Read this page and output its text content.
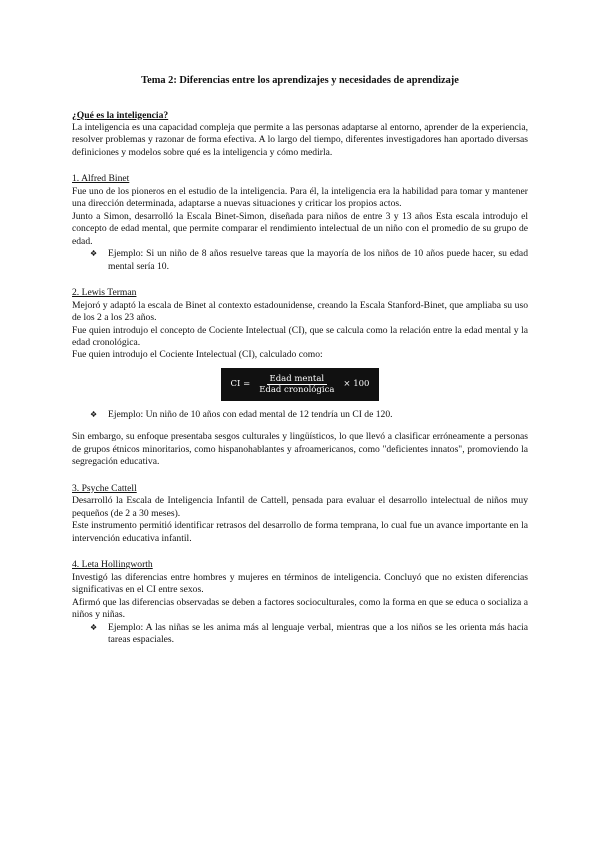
Tema 2: Diferencias entre los aprendizajes y necesidades de aprendizaje

¿Qué es la inteligencia?

La inteligencia es una capacidad compleja que permite a las personas adaptarse al entorno, aprender de la experiencia, resolver problemas y razonar de forma efectiva. A lo largo del tiempo, diferentes investigadores han aportado diversas definiciones y modelos sobre qué es la inteligencia y cómo medirla.

1. Alfred Binet

Fue uno de los pioneros en el estudio de la inteligencia. Para él, la inteligencia era la habilidad para tomar y mantener una dirección determinada, adaptarse a nuevas situaciones y criticar los propios actos.

Junto a Simon, desarrolló la Escala Binet-Simon, diseñada para niños de entre 3 y 13 años Esta escala introdujo el concepto de edad mental, que permite comparar el rendimiento intelectual de un niño con el promedio de su grupo de edad.

❖	Ejemplo: Si un niño de 8 años resuelve tareas que la mayoría de los niños de 10 años puede hacer, su edad mental sería 10.

2. Lewis Terman

Mejoró y adaptó la escala de Binet al contexto estadounidense, creando la Escala Stanford-Binet, que ampliaba su uso de los 2 a los 23 años.

Fue quien introdujo el concepto de Cociente Intelectual (CI), que se calcula como la relación entre la edad mental y la edad cronológica.

Fue quien introdujo el Cociente Intelectual (CI), calculado como:

CI = $\frac{\text{Edad mental}}{\text{Edad cronológica}} \times 100$
❖	Ejemplo: Un niño de 10 años con edad mental de 12 tendría un CI de 120.

Sin embargo, su enfoque presentaba sesgos culturales y lingüísticos, lo que llevó a clasificar erróneamente a personas de grupos étnicos minoritarios, como hispanohablantes y afroamericanos, como "deficientes innatos", promoviendo la segregación educativa.

3. Psyche Cattell

Desarrolló la Escala de Inteligencia Infantil de Cattell, pensada para evaluar el desarrollo intelectual de niños muy pequeños (de 2 a 30 meses).

Este instrumento permitió identificar retrasos del desarrollo de forma temprana, lo cual fue un avance importante en la intervención educativa infantil.

4. Leta Hollingworth

Investigó las diferencias entre hombres y mujeres en términos de inteligencia. Concluyó que no existen diferencias significativas en el CI entre sexos.

Afirmó que las diferencias observadas se deben a factores socioculturales, como la forma en que se educa o socializa a niños y niñas.

❖	Ejemplo: A las niñas se les anima más al lenguaje verbal, mientras que a los niños se les orienta más hacia tareas espaciales.
